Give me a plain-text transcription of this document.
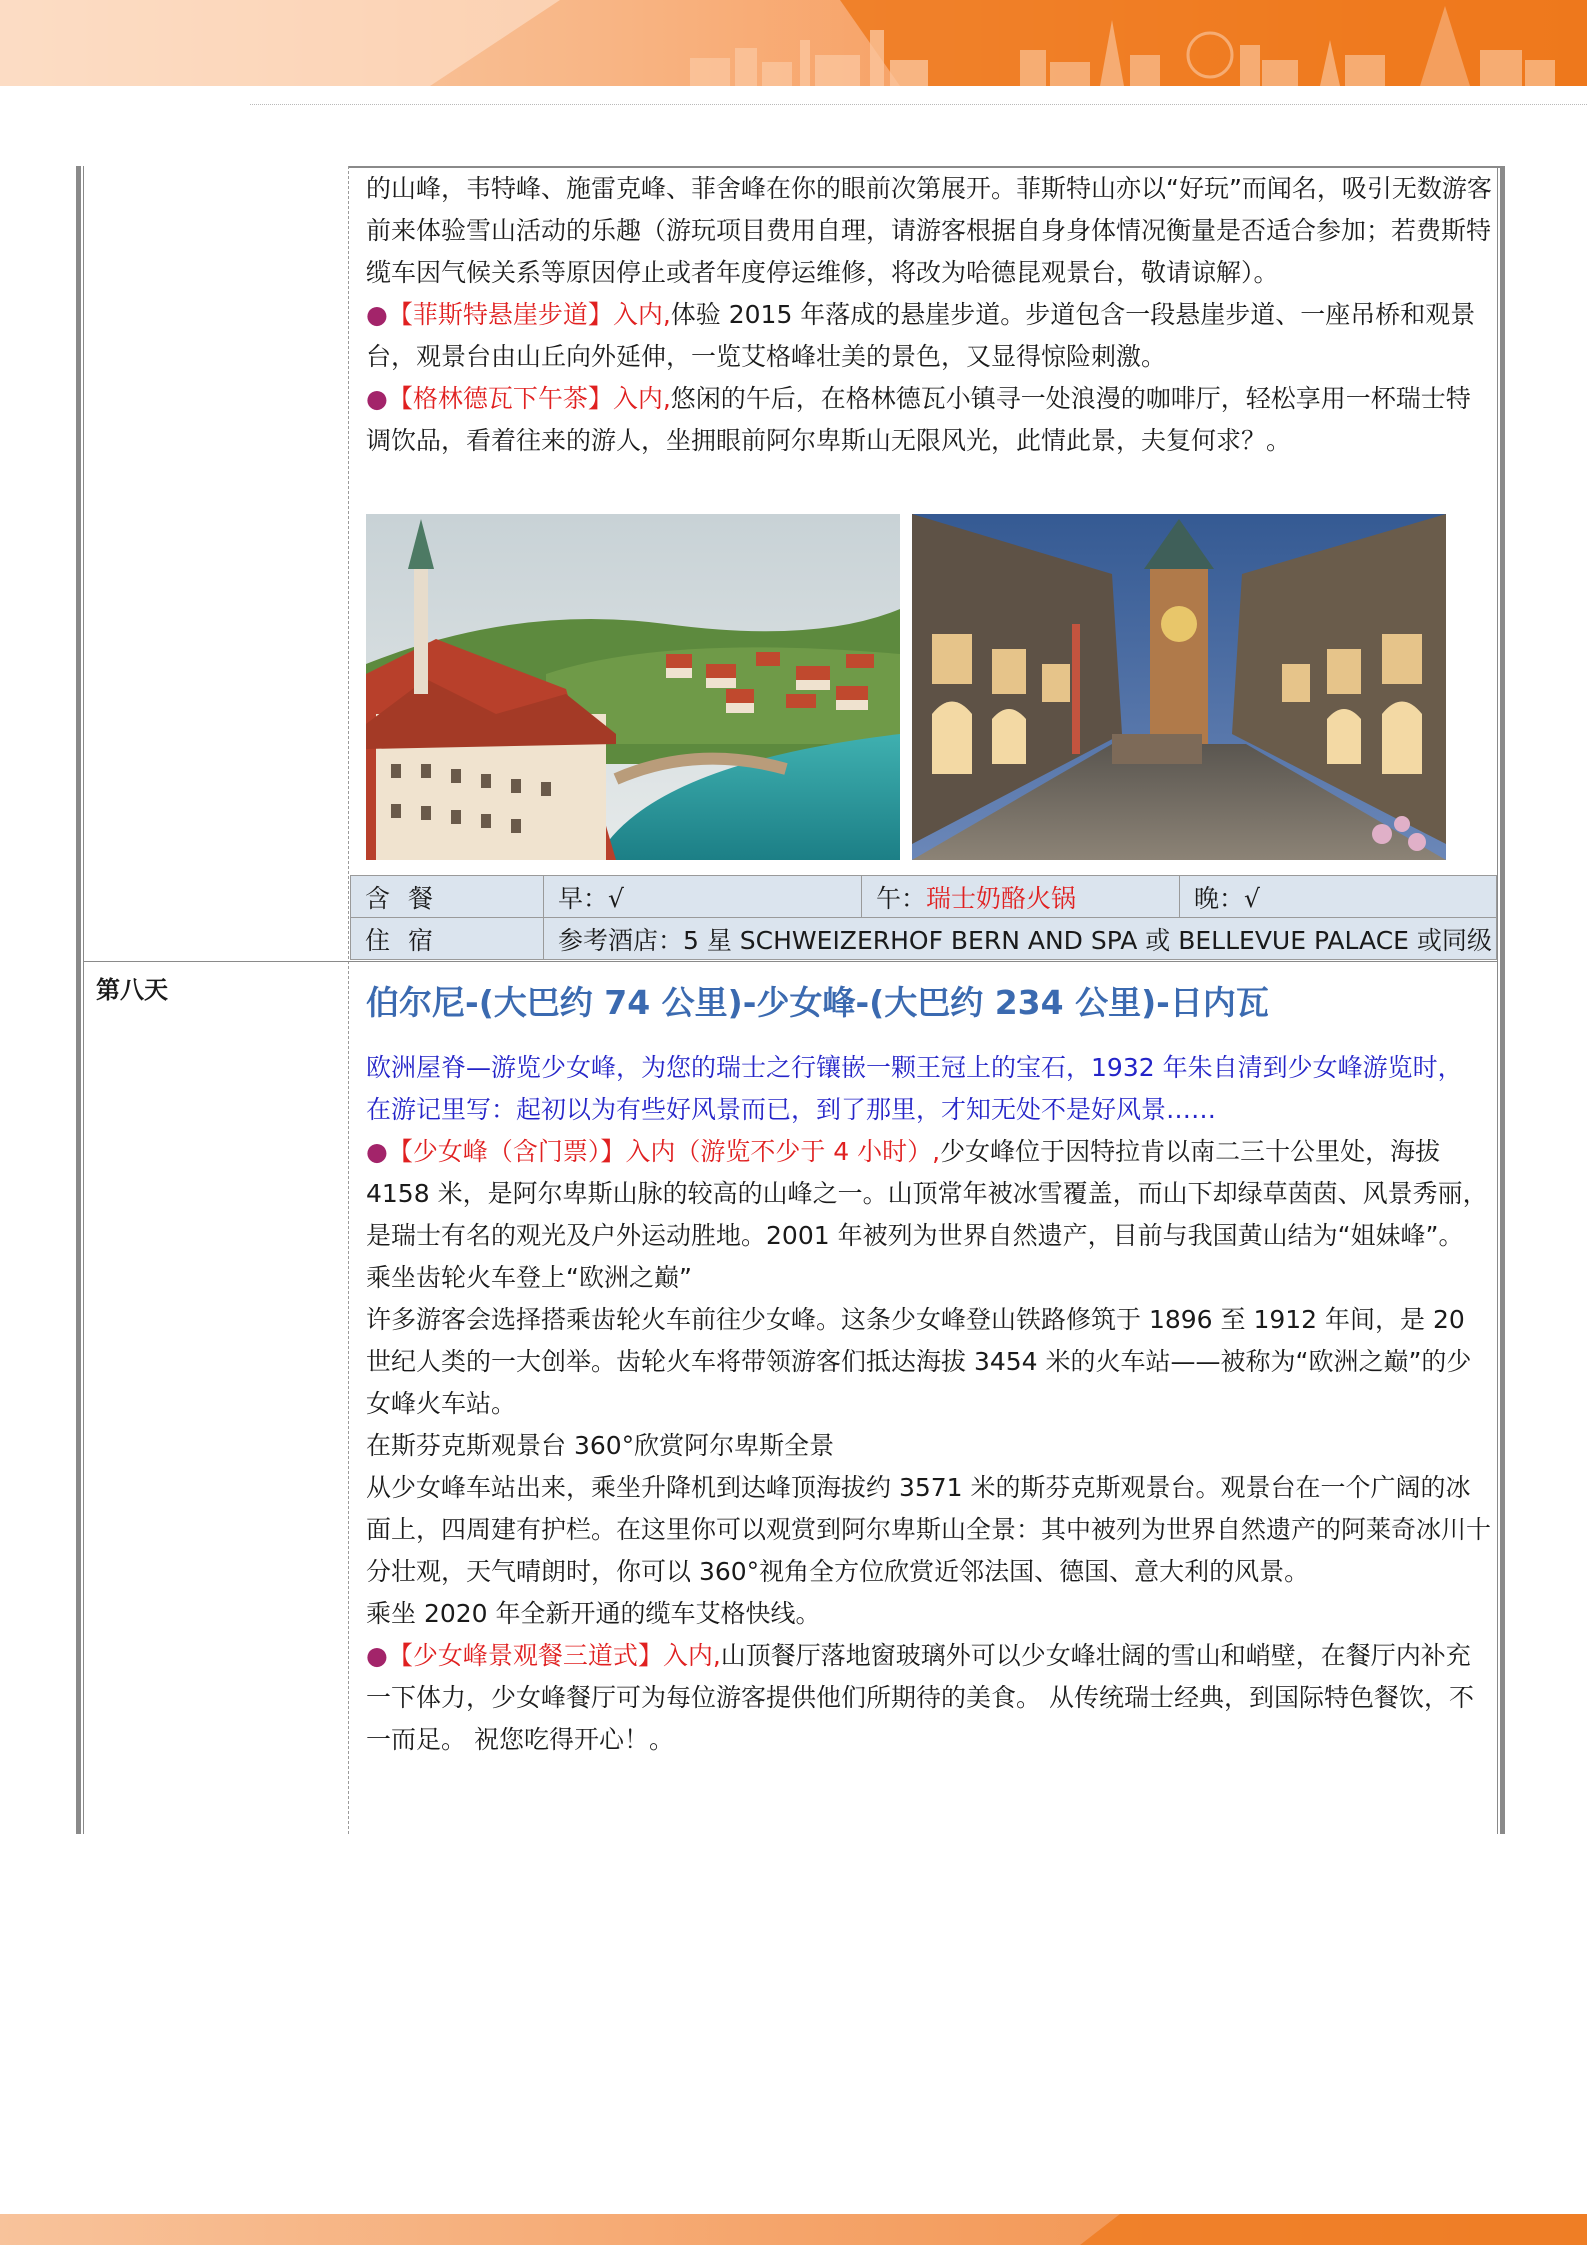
的山峰，韦特峰、施雷克峰、菲舍峰在你的眼前次第展开。菲斯特山亦以“好玩”而闻名，吸引无数游客前来体验雪山活动的乐趣（游玩项目费用自理，请游客根据自身身体情况衡量是否适合参加；若费斯特缆车因气候关系等原因停止或者年度停运维修，将改为哈德昆观景台，敬请谅解）。

●【菲斯特悬崖步道】入内,体验 2015 年落成的悬崖步道。步道包含一段悬崖步道、一座吊桥和观景台，观景台由山丘向外延伸，一览艾格峰壮美的景色，又显得惊险刺激。

●【格林德瓦下午茶】入内,悠闲的午后，在格林德瓦小镇寻一处浪漫的咖啡厅，轻松享用一杯瑞士特调饮品，看着往来的游人，坐拥眼前阿尔卑斯山无限风光，此情此景，夫复何求？。

含餐	早：√	午：瑞士奶酪火锅	晚：√
住宿	参考酒店：5 星 SCHWEIZERHOF BERN AND SPA 或 BELLEVUE PALACE 或同级		
第八天	伯尔尼-(大巴约 74 公里)-少女峰-(大巴约 234 公里)-日内瓦

欧洲屋脊—游览少女峰，为您的瑞士之行镶嵌一颗王冠上的宝石，1932 年朱自清到少女峰游览时， 在游记里写：起初以为有些好风景而已，到了那里，才知无处不是好风景……

●【少女峰（含门票）】入内（游览不少于 4 小时）,少女峰位于因特拉肯以南二三十公里处，海拔 4158 米，是阿尔卑斯山脉的较高的山峰之一。山顶常年被冰雪覆盖，而山下却绿草茵茵、风景秀丽，是瑞士有名的观光及户外运动胜地。2001 年被列为世界自然遗产，目前与我国黄山结为“姐妹峰”。

乘坐齿轮火车登上“欧洲之巅”

许多游客会选择搭乘齿轮火车前往少女峰。这条少女峰登山铁路修筑于 1896 至 1912 年间，是 20 世纪人类的一大创举。齿轮火车将带领游客们抵达海拔 3454 米的火车站——被称为“欧洲之巅”的少女峰火车站。

在斯芬克斯观景台 360°欣赏阿尔卑斯全景

从少女峰车站出来，乘坐升降机到达峰顶海拔约 3571 米的斯芬克斯观景台。观景台在一个广阔的冰面上，四周建有护栏。在这里你可以观赏到阿尔卑斯山全景：其中被列为世界自然遗产的阿莱奇冰川十分壮观，天气晴朗时，你可以 360°视角全方位欣赏近邻法国、德国、意大利的风景。

乘坐 2020 年全新开通的缆车艾格快线。

●【少女峰景观餐三道式】入内,山顶餐厅落地窗玻璃外可以少女峰壮阔的雪山和峭壁，在餐厅内补充一下体力，少女峰餐厅可为每位游客提供他们所期待的美食。 从传统瑞士经典，到国际特色餐饮，不一而足。 祝您吃得开心！。
